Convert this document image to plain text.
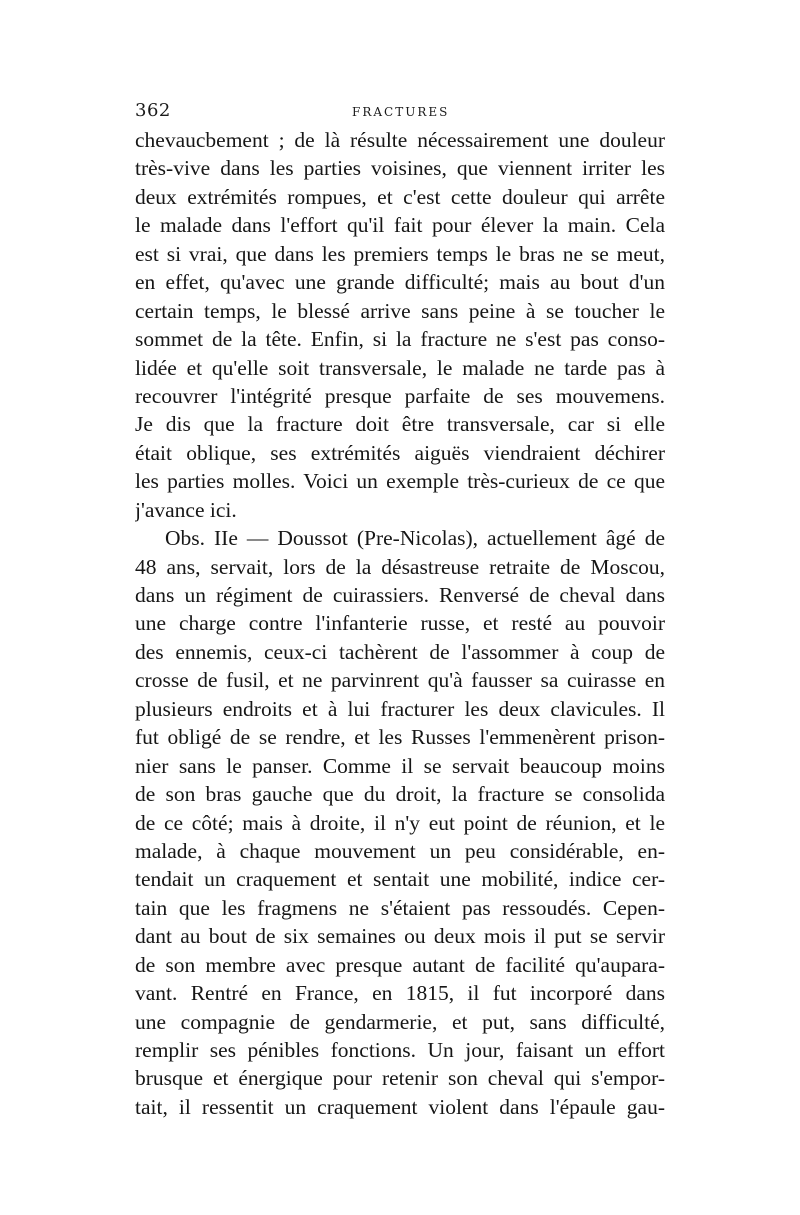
362	FRACTURES
chevaucbement ; de là résulte nécessairement une douleur
très-vive dans les parties voisines, que viennent irriter les
deux extrémités rompues, et c'est cette douleur qui arrête
le malade dans l'effort qu'il fait pour élever la main. Cela
est si vrai, que dans les premiers temps le bras ne se meut,
en effet, qu'avec une grande difficulté; mais au bout d'un
certain temps, le blessé arrive sans peine à se toucher le
sommet de la tête. Enfin, si la fracture ne s'est pas conso-
lidée et qu'elle soit transversale, le malade ne tarde pas à
recouvrer l'intégrité presque parfaite de ses mouvemens.
Je dis que la fracture doit être transversale, car si elle
était oblique, ses extrémités aiguës viendraient déchirer
les parties molles. Voici un exemple très-curieux de ce que
j'avance ici.
Obs. IIe — Doussot (Pre-Nicolas), actuellement âgé de
48 ans, servait, lors de la désastreuse retraite de Moscou,
dans un régiment de cuirassiers. Renversé de cheval dans
une charge contre l'infanterie russe, et resté au pouvoir
des ennemis, ceux-ci tachèrent de l'assommer à coup de
crosse de fusil, et ne parvinrent qu'à fausser sa cuirasse en
plusieurs endroits et à lui fracturer les deux clavicules. Il
fut obligé de se rendre, et les Russes l'emmenèrent prison-
nier sans le panser. Comme il se servait beaucoup moins
de son bras gauche que du droit, la fracture se consolida
de ce côté; mais à droite, il n'y eut point de réunion, et le
malade, à chaque mouvement un peu considérable, en-
tendait un craquement et sentait une mobilité, indice cer-
tain que les fragmens ne s'étaient pas ressoudés. Cepen-
dant au bout de six semaines ou deux mois il put se servir
de son membre avec presque autant de facilité qu'aupara-
vant. Rentré en France, en 1815, il fut incorporé dans
une compagnie de gendarmerie, et put, sans difficulté,
remplir ses pénibles fonctions. Un jour, faisant un effort
brusque et énergique pour retenir son cheval qui s'empor-
tait, il ressentit un craquement violent dans l'épaule gau-
